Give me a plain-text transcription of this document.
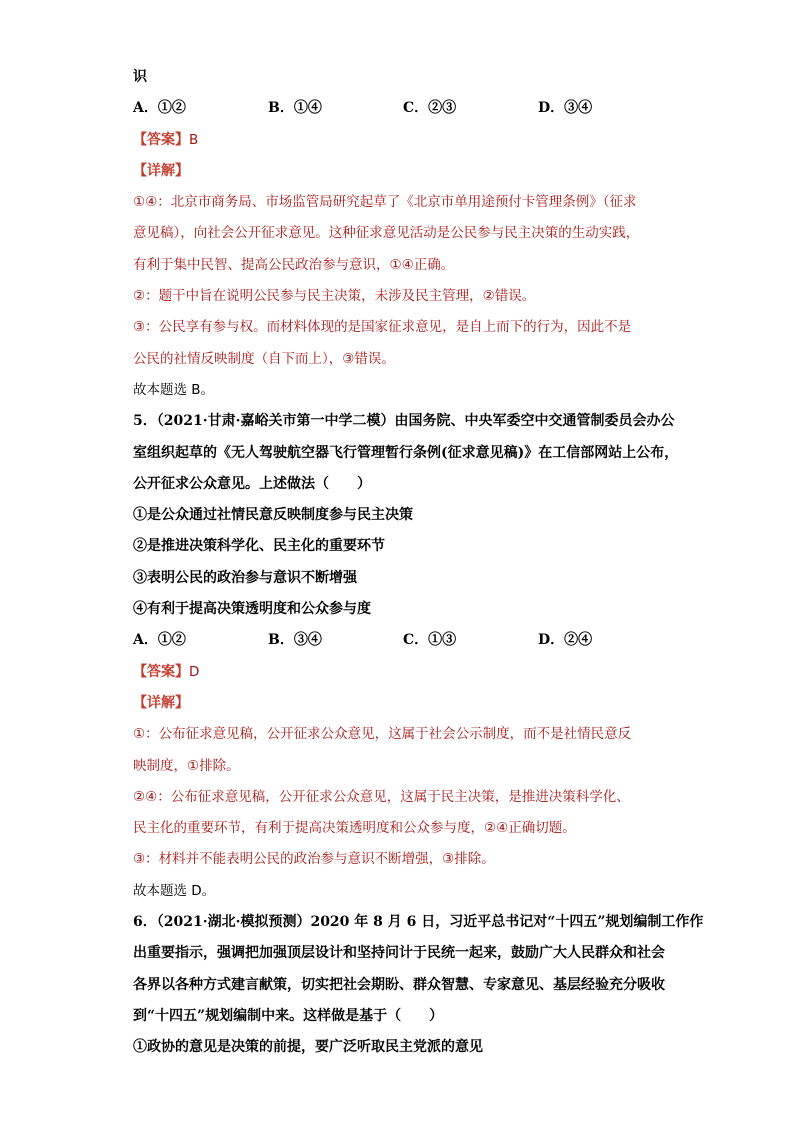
识
A．①②	B．①④	C．②③	D．③④
【答案】B
【详解】
①④：北京市商务局、市场监管局研究起草了《北京市单用途预付卡管理条例》（征求
意见稿），向社会公开征求意见。这种征求意见活动是公民参与民主决策的生动实践，
有利于集中民智、提高公民政治参与意识，①④正确。
②：题干中旨在说明公民参与民主决策，未涉及民主管理，②错误。
③：公民享有参与权。而材料体现的是国家征求意见，是自上而下的行为，因此不是
公民的社情反映制度（自下而上），③错误。
故本题选 B。
5．（2021·甘肃·嘉峪关市第一中学二模）由国务院、中央军委空中交通管制委员会办公
室组织起草的《无人驾驶航空器飞行管理暂行条例(征求意见稿)》在工信部网站上公布，
公开征求公众意见。上述做法（　　）
①是公众通过社情民意反映制度参与民主决策
②是推进决策科学化、民主化的重要环节
③表明公民的政治参与意识不断增强
④有利于提高决策透明度和公众参与度
A．①②	B．③④	C．①③	D．②④
【答案】D
【详解】
①：公布征求意见稿，公开征求公众意见，这属于社会公示制度，而不是社情民意反
映制度，①排除。
②④：公布征求意见稿，公开征求公众意见，这属于民主决策，是推进决策科学化、
民主化的重要环节，有利于提高决策透明度和公众参与度，②④正确切题。
③：材料并不能表明公民的政治参与意识不断增强，③排除。
故本题选 D。
6．（2021·湖北·模拟预测）2020 年 8 月 6 日，习近平总书记对“十四五”规划编制工作作
出重要指示，强调把加强顶层设计和坚持问计于民统一起来，鼓励广大人民群众和社会
各界以各种方式建言献策，切实把社会期盼、群众智慧、专家意见、基层经验充分吸收
到“十四五”规划编制中来。这样做是基于（　　）
①政协的意见是决策的前提，要广泛听取民主党派的意见
